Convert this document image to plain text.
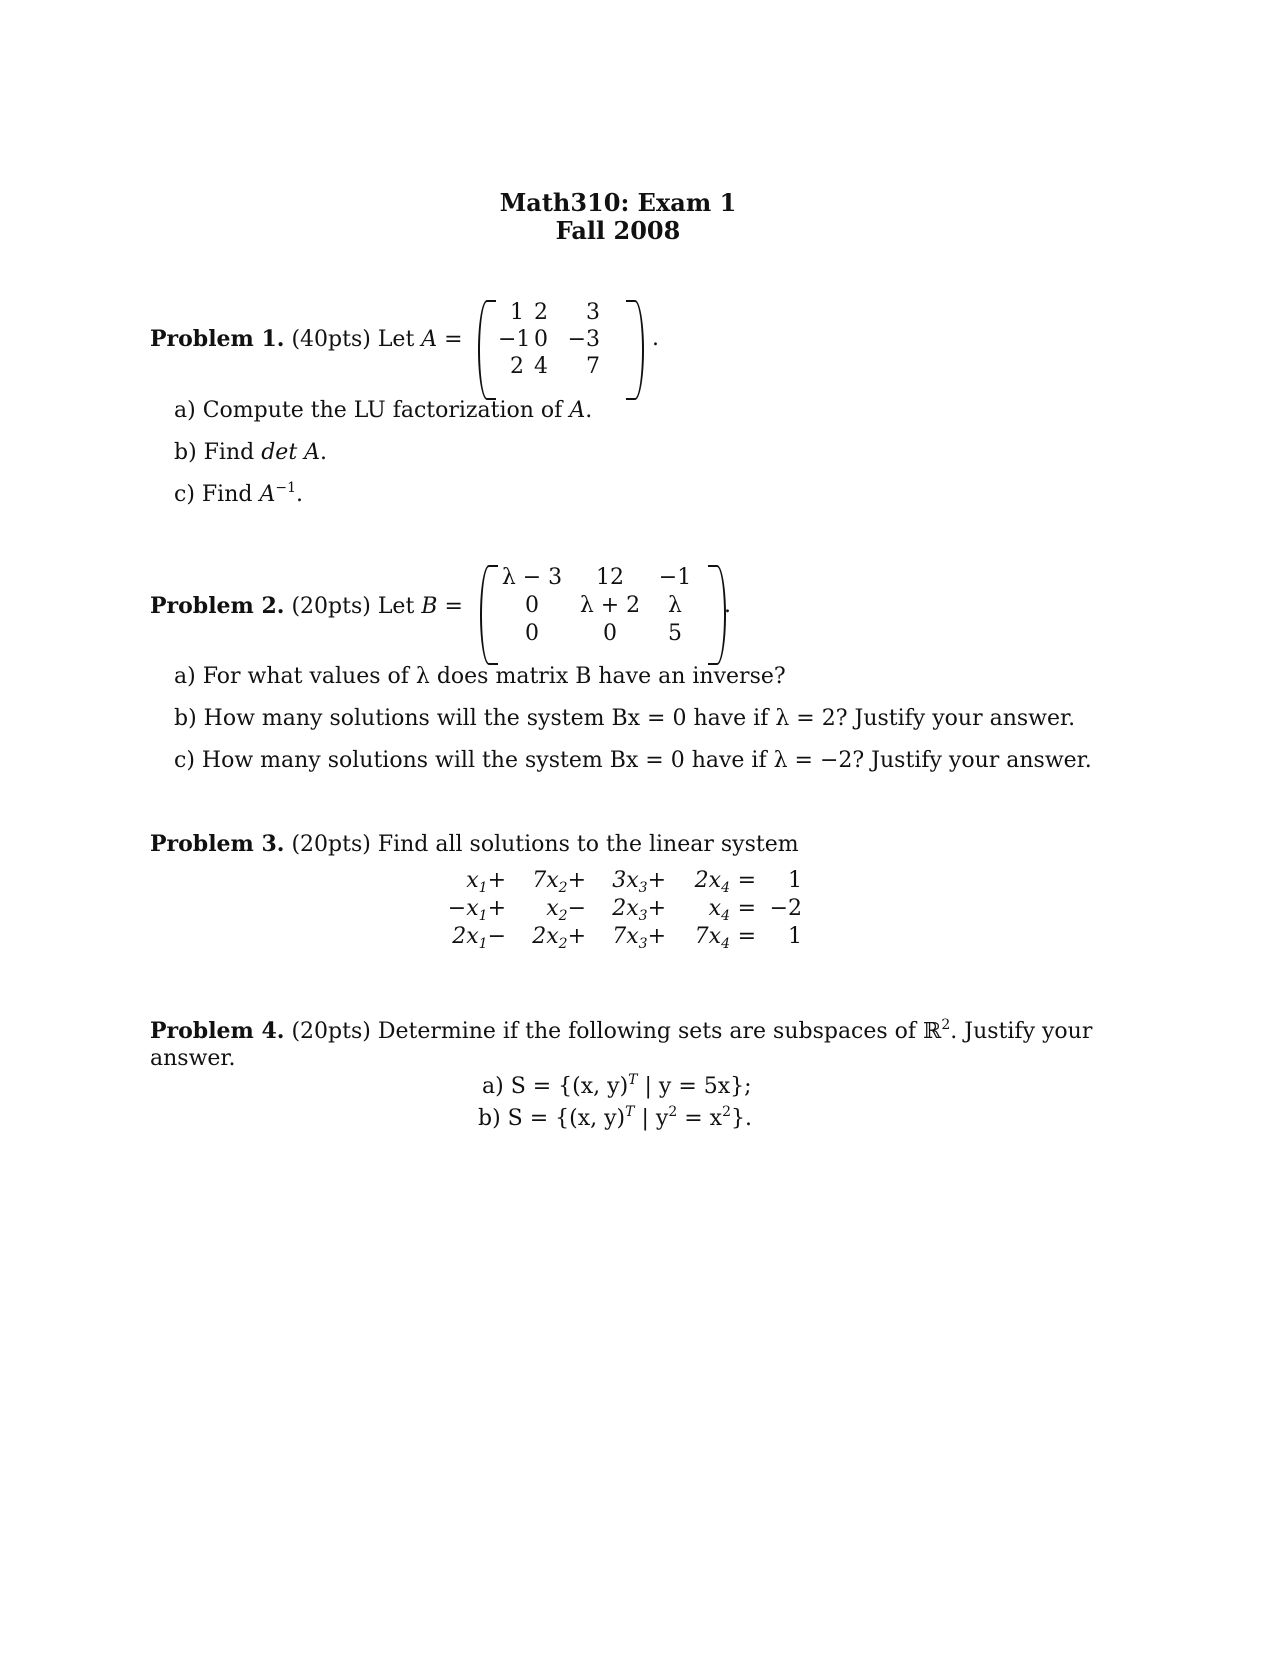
Math310: Exam 1
Fall 2008
Problem 1. (40pts) Let A =
1 2	3
−1 0 −3
2 4	7
.
a) Compute the LU factorization of A.
b) Find det A.
c) Find $A^{-1}$.
Problem 2. (20pts) Let B =
λ − 3	12	−1
0	λ + 2	λ
0	0	5
.
a) For what values of λ does matrix B have an inverse?
b) How many solutions will the system Bx = 0 have if λ = 2? Justify your answer.
c) How many solutions will the system Bx = 0 have if λ = −2? Justify your answer.
Problem 3. (20pts) Find all solutions to the linear system
$x_1+$	$7x_2+$	$3x_3+$	$2x_4$ =	1
$-x_1+$	$x_2-$	$2x_3+$	$x_4 = -2$
$2x_1-$	$2x_2+$	$7x_3+$	$7x_4$ =	1
Problem 4. (20pts) Determine if the following sets are subspaces of ℝ$^2$. Justify your
answer.
a) S = {(x, y)$^T$ | y = 5x};
b) S = {(x, y)$^T$ | $y^2 = x^2$}.
